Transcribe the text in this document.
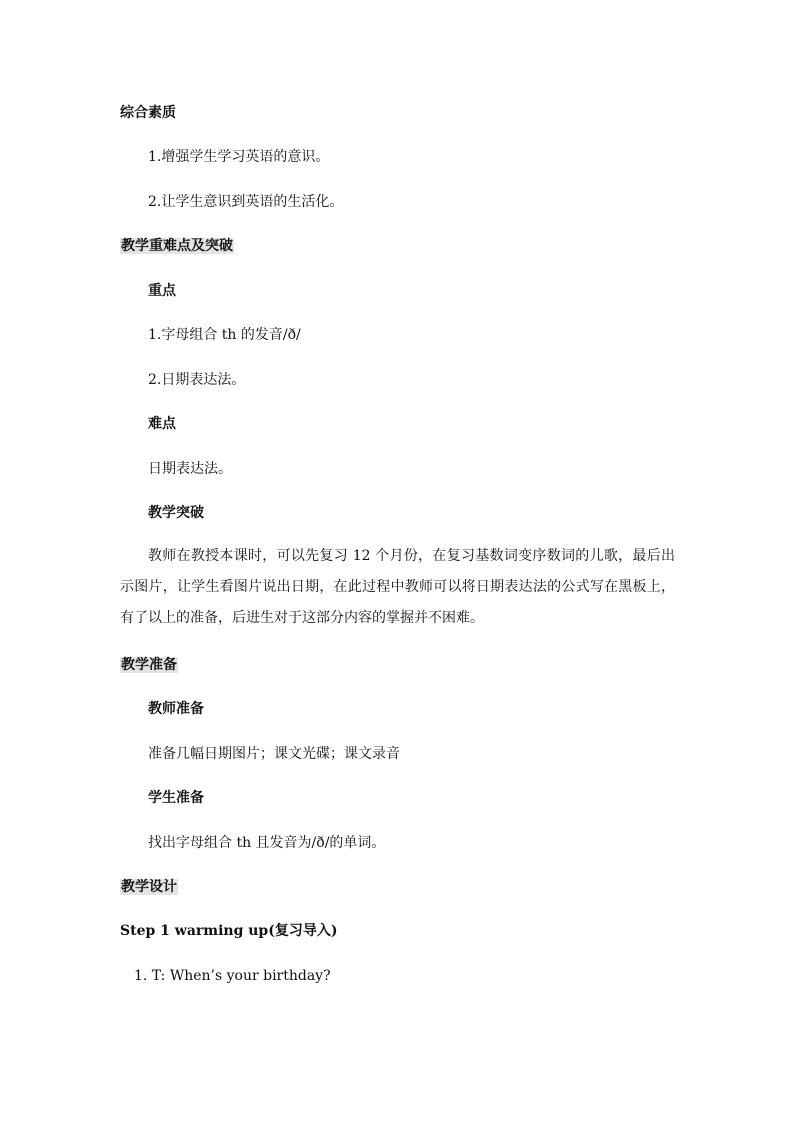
综合素质
1.增强学生学习英语的意识。
2.让学生意识到英语的生活化。
教学重难点及突破
重点
1.字母组合 th 的发音/ð/
2.日期表达法。
难点
日期表达法。
教学突破
教师在教授本课时，可以先复习 12 个月份，在复习基数词变序数词的儿歌，最后出示图片，让学生看图片说出日期，在此过程中教师可以将日期表达法的公式写在黑板上，有了以上的准备，后进生对于这部分内容的掌握并不困难。
教学准备
教师准备
准备几幅日期图片；课文光碟；课文录音
学生准备
找出字母组合 th 且发音为/ð/的单词。
教学设计
Step 1 warming up(复习导入)
1. T: When’s your birthday?
